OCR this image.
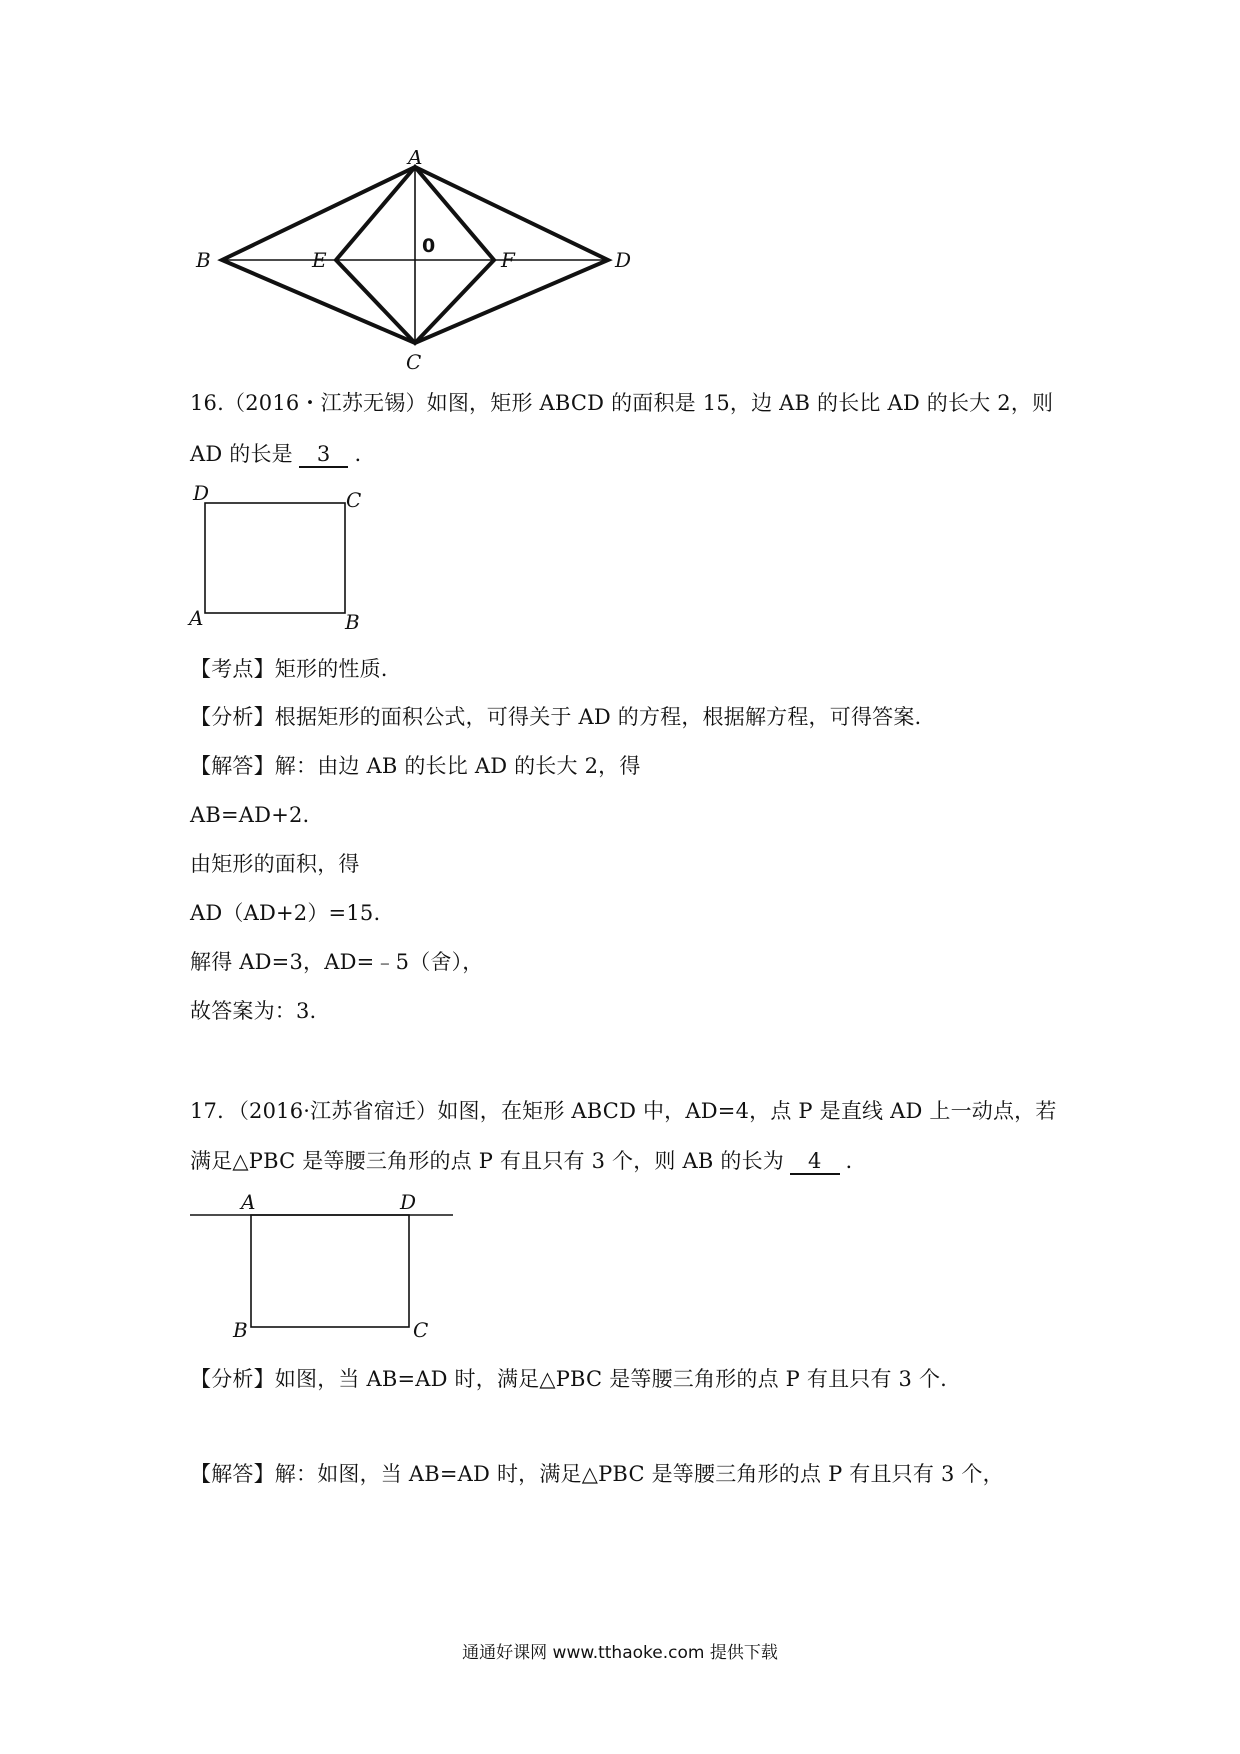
A
B	E
0
F	D
C
16.（2016・江苏无锡）如图，矩形 ABCD 的面积是 15，边 AB 的长比 AD 的长大 2，则
AD 的长是 3 .
D	C
A	B
【考点】矩形的性质.
【分析】根据矩形的面积公式，可得关于 AD 的方程，根据解方程，可得答案.
【解答】解：由边 AB 的长比 AD 的长大 2，得
AB=AD+2.
由矩形的面积，得
AD（AD+2）=15.
解得 AD=3，AD=﹣5（舍），
故答案为：3.
17．（2016·江苏省宿迁）如图，在矩形 ABCD 中，AD=4，点 P 是直线 AD 上一动点，若
满足△PBC 是等腰三角形的点 P 有且只有 3 个，则 AB 的长为 4 .
A	D
B	C
【分析】如图，当 AB=AD 时，满足△PBC 是等腰三角形的点 P 有且只有 3 个.
【解答】解：如图，当 AB=AD 时，满足△PBC 是等腰三角形的点 P 有且只有 3 个，
通通好课网 www.tthaoke.com 提供下载
